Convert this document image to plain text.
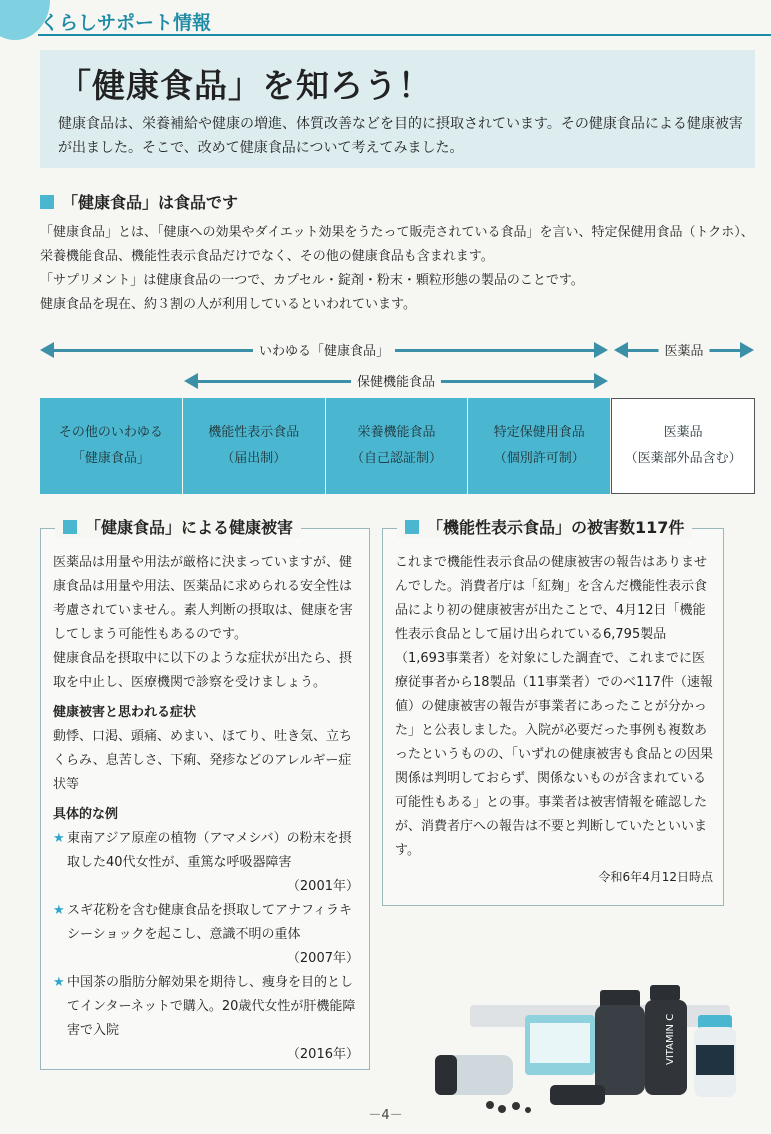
くらしサポート情報
「健康食品」を知ろう！
健康食品は、栄養補給や健康の増進、体質改善などを目的に摂取されています。その健康食品による健康被害が出ました。そこで、改めて健康食品について考えてみました。
「健康食品」は食品です
「健康食品」とは、「健康への効果やダイエット効果をうたって販売されている食品」を言い、特定保健用食品（トクホ）、栄養機能食品、機能性表示食品だけでなく、その他の健康食品も含まれます。
「サプリメント」は健康食品の一つで、カプセル・錠剤・粉末・顆粒形態の製品のことです。
健康食品を現在、約３割の人が利用しているといわれています。
いわゆる「健康食品」	医薬品
保健機能食品
その他のいわゆる
「健康食品」
機能性表示食品
（届出制）
栄養機能食品
（自己認証制）
特定保健用食品
（個別許可制）
医薬品
（医薬部外品含む）
「健康食品」による健康被害
医薬品は用量や用法が厳格に決まっていますが、健康食品は用量や用法、医薬品に求められる安全性は考慮されていません。素人判断の摂取は、健康を害してしまう可能性もあるのです。
健康食品を摂取中に以下のような症状が出たら、摂取を中止し、医療機関で診察を受けましょう。
健康被害と思われる症状
動悸、口渇、頭痛、めまい、ほてり、吐き気、立ちくらみ、息苦しさ、下痢、発疹などのアレルギー症状等
具体的な例
★ 東南アジア原産の植物（アマメシバ）の粉末を摂取した40代女性が、重篤な呼吸器障害
（2001年）
★ スギ花粉を含む健康食品を摂取してアナフィラキシーショックを起こし、意識不明の重体
（2007年）
★ 中国茶の脂肪分解効果を期待し、痩身を目的としてインターネットで購入。20歳代女性が肝機能障害で入院
（2016年）
「機能性表示食品」の被害数117件
これまで機能性表示食品の健康被害の報告はありませんでした。消費者庁は「紅麹」を含んだ機能性表示食品により初の健康被害が出たことで、4月12日「機能性表示食品として届け出られている6,795製品（1,693事業者）を対象にした調査で、これまでに医療従事者から18製品（11事業者）でのべ117件（速報値）の健康被害の報告が事業者にあったことが分かった」と公表しました。入院が必要だった事例も複数あったというものの、「いずれの健康被害も食品との因果関係は判明しておらず、関係ないものが含まれている可能性もある」との事。事業者は被害情報を確認したが、消費者庁への報告は不要と判断していたといいます。
令和6年4月12日時点
VITAMIN C
－4－
